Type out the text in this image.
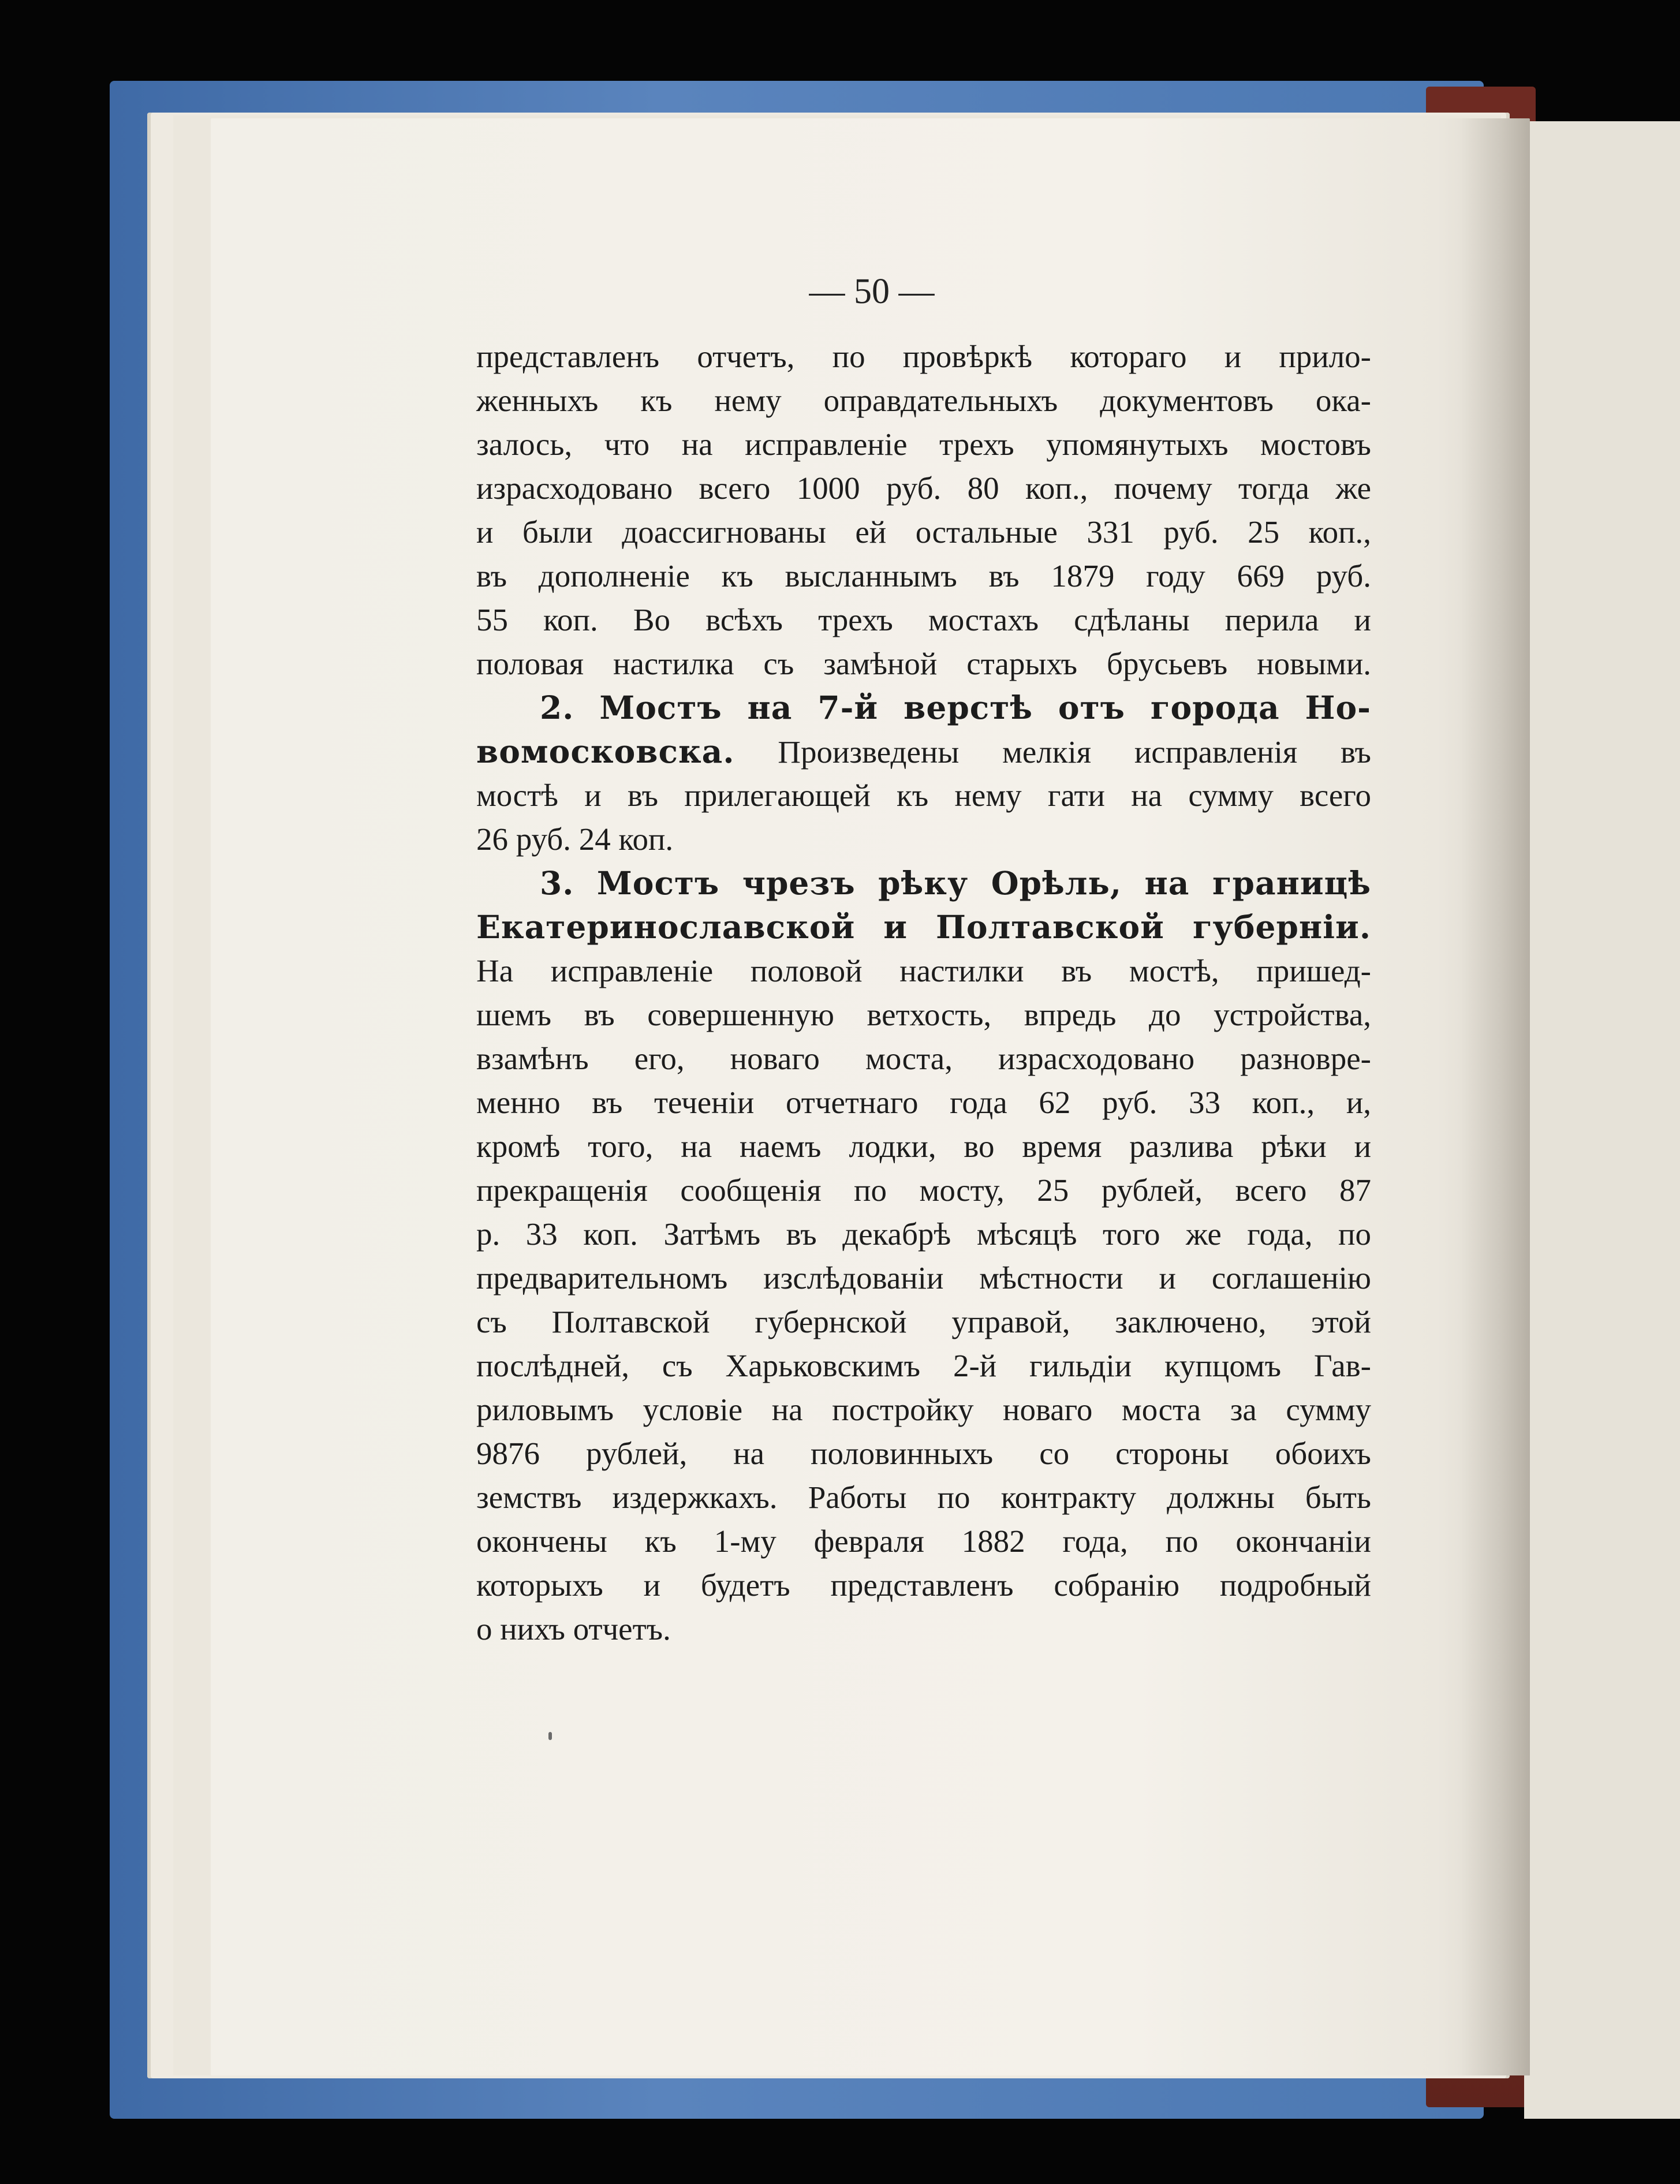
— 50 —
представленъ отчетъ, по провѣркѣ котораго и прило-
женныхъ къ нему оправдательныхъ документовъ ока-
залось, что на исправленіе трехъ упомянутыхъ мостовъ
израсходовано всего 1000 руб. 80 коп., почему тогда же
и были доассигнованы ей остальные 331 руб. 25 коп.,
въ дополненіе къ высланнымъ въ 1879 году 669 руб.
55 коп. Во всѣхъ трехъ мостахъ сдѣланы перила и
половая настилка съ замѣной старыхъ брусьевъ новыми.
2. Мостъ на 7-й верстѣ отъ города Но-
вомосковска. Произведены мелкія исправленія въ
мостѣ и въ прилегающей къ нему гати на сумму всего
26 руб. 24 коп.
3. Мостъ чрезъ рѣку Орѣль, на границѣ
Екатеринославской и Полтавской губерніи.
На исправленіе половой настилки въ мостѣ, пришед-
шемъ въ совершенную ветхость, впредь до устройства,
взамѣнъ его, новаго моста, израсходовано разновре-
менно въ теченіи отчетнаго года 62 руб. 33 коп., и,
кромѣ того, на наемъ лодки, во время разлива рѣки и
прекращенія сообщенія по мосту, 25 рублей, всего 87
р. 33 коп. Затѣмъ въ декабрѣ мѣсяцѣ того же года, по
предварительномъ изслѣдованіи мѣстности и соглашенію
съ Полтавской губернской управой, заключено, этой
послѣдней, съ Харьковскимъ 2-й гильдіи купцомъ Гав-
риловымъ условіе на постройку новаго моста за сумму
9876 рублей, на половинныхъ со стороны обоихъ
земствъ издержкахъ. Работы по контракту должны быть
окончены къ 1-му февраля 1882 года, по окончаніи
которыхъ и будетъ представленъ собранію подробный
о нихъ отчетъ.
